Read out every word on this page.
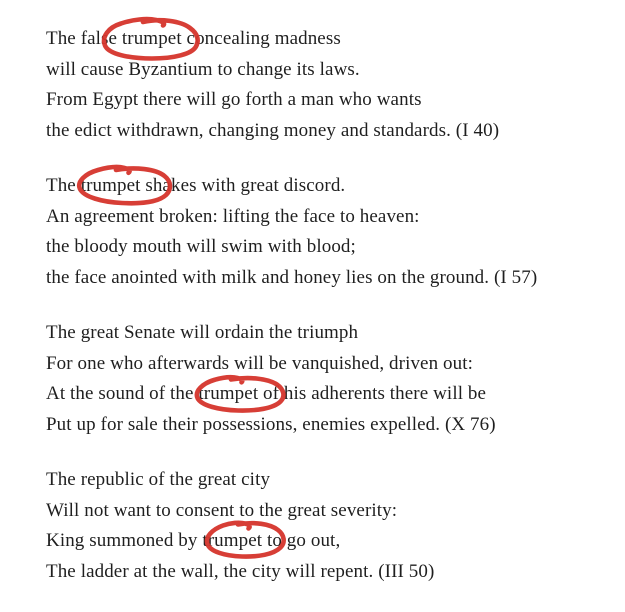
The false trumpet concealing madness

will cause Byzantium to change its laws.

From Egypt there will go forth a man who wants

the edict withdrawn, changing money and standards. (I 40)

The trumpet shakes with great discord.

An agreement broken: lifting the face to heaven:

the bloody mouth will swim with blood;

the face anointed with milk and honey lies on the ground. (I 57)

The great Senate will ordain the triumph

For one who afterwards will be vanquished, driven out:

At the sound of the trumpet of his adherents there will be

Put up for sale their possessions, enemies expelled. (X 76)

The republic of the great city

Will not want to consent to the great severity:

King summoned by trumpet to go out,

The ladder at the wall, the city will repent. (III 50)
